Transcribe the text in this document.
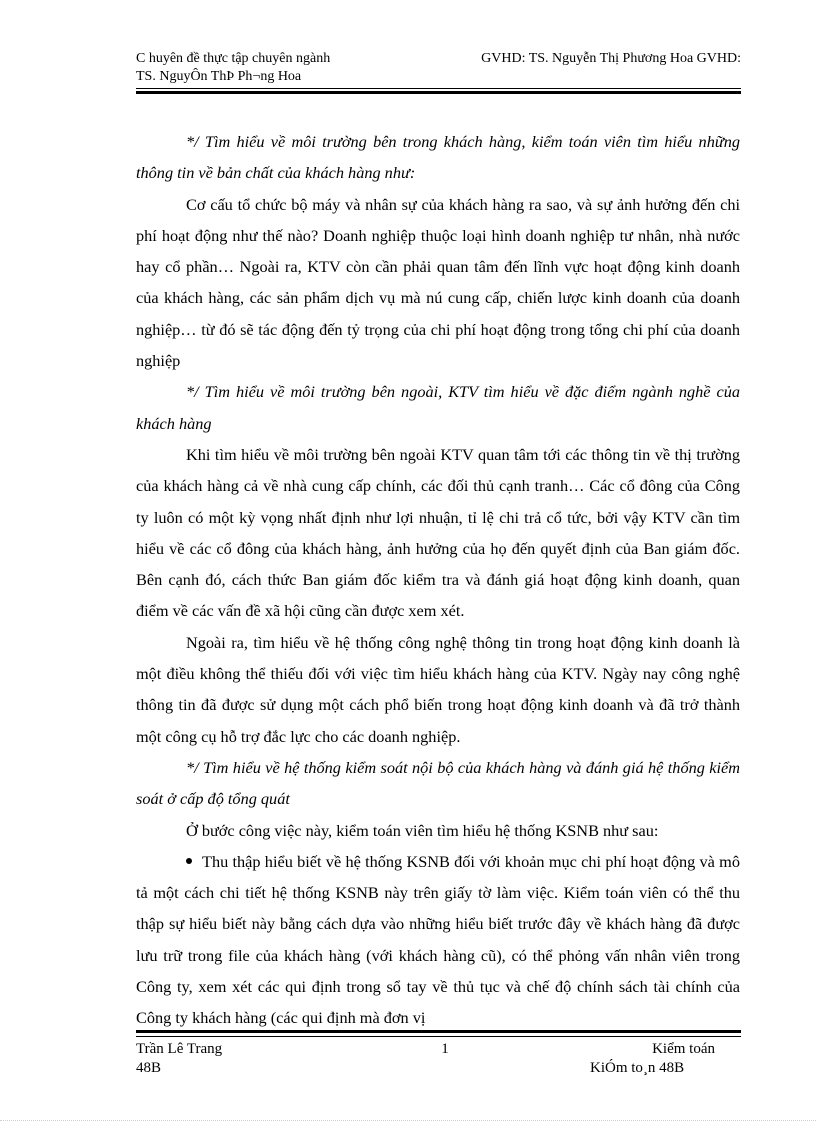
C huyên đề thực tập chuyên ngành	GVHD: TS. Nguyễn Thị Phương Hoa GVHD:
TS. NguyÔn ThÞ Ph¬ng Hoa

*/ Tìm hiểu về môi trường bên trong khách hàng, kiểm toán viên tìm hiểu những thông tin về bản chất của khách hàng như:

Cơ cấu tổ chức bộ máy và nhân sự của khách hàng ra sao, và sự ảnh hưởng đến chi phí hoạt động như thế nào? Doanh nghiệp thuộc loại hình doanh nghiệp tư nhân, nhà nước hay cổ phần… Ngoài ra, KTV còn cần phải quan tâm đến lĩnh vực hoạt động kinh doanh của khách hàng, các sản phẩm dịch vụ mà nú cung cấp, chiến lược kinh doanh của doanh nghiệp… từ đó sẽ tác động đến tỷ trọng của chi phí hoạt động trong tổng chi phí của doanh nghiệp

*/ Tìm hiểu về môi trường bên ngoài, KTV tìm hiểu về đặc điểm ngành nghề của khách hàng

Khi tìm hiểu về môi trường bên ngoài KTV quan tâm tới các thông tin về thị trường của khách hàng cả về nhà cung cấp chính, các đối thủ cạnh tranh… Các cổ đông của Công ty luôn có một kỳ vọng nhất định như lợi nhuận, tỉ lệ chi trả cổ tức, bởi vậy KTV cần tìm hiểu về các cổ đông của khách hàng, ảnh hưởng của họ đến quyết định của Ban giám đốc. Bên cạnh đó, cách thức Ban giám đốc kiểm tra và đánh giá hoạt động kinh doanh, quan điểm về các vấn đề xã hội cũng cần được xem xét.

Ngoài ra, tìm hiểu về hệ thống công nghệ thông tin trong hoạt động kinh doanh là một điều không thể thiếu đối với việc tìm hiểu khách hàng của KTV. Ngày nay công nghệ thông tin đã được sử dụng một cách phổ biến trong hoạt động kinh doanh và đã trở thành một công cụ hỗ trợ đắc lực cho các doanh nghiệp.

*/ Tìm hiểu về hệ thống kiểm soát nội bộ của khách hàng và đánh giá hệ thống kiểm soát ở cấp độ tổng quát

Ở bước công việc này, kiểm toán viên tìm hiểu hệ thống KSNB như sau:

Thu thập hiểu biết về hệ thống KSNB đối với khoản mục chi phí hoạt động và mô tả một cách chi tiết hệ thống KSNB này trên giấy tờ làm việc. Kiểm toán viên có thể thu thập sự hiểu biết này bằng cách dựa vào những hiểu biết trước đây về khách hàng đã được lưu trữ trong file của khách hàng (với khách hàng cũ), có thể phỏng vấn nhân viên trong Công ty, xem xét các qui định trong sổ tay về thủ tục và chế độ chính sách tài chính của Công ty khách hàng (các qui định mà đơn vị

Trần Lê Trang
48B
1	Kiểm toán
KiÓm to¸n 48B
